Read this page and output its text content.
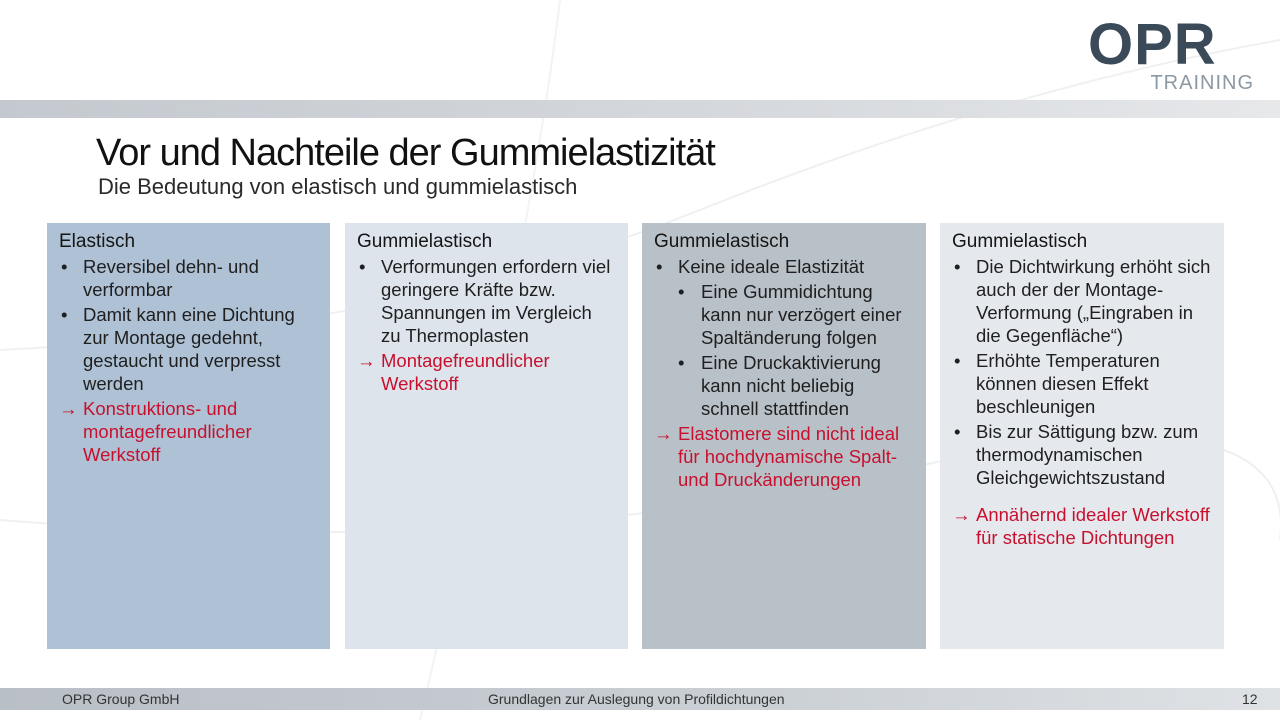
OPR
TRAINING
Vor und Nachteile der Gummielastizität
Die Bedeutung von elastisch und gummielastisch
Elastisch
• Reversibel dehn- und verformbar
• Damit kann eine Dichtung zur Montage gedehnt, gestaucht und verpresst werden
→ Konstruktions- und montagefreundlicher Werkstoff
Gummielastisch
• Verformungen erfordern viel geringere Kräfte bzw. Spannungen im Vergleich zu Thermoplasten
→ Montagefreundlicher Werkstoff
Gummielastisch
• Keine ideale Elastizität
• Eine Gummidichtung kann nur verzögert einer Spaltänderung folgen
• Eine Druckaktivierung kann nicht beliebig schnell stattfinden
→ Elastomere sind nicht ideal für hochdynamische Spalt- und Druckänderungen
Gummielastisch
• Die Dichtwirkung erhöht sich auch der der Montage-Verformung („Eingraben in die Gegenfläche“)
• Erhöhte Temperaturen können diesen Effekt beschleunigen
• Bis zur Sättigung bzw. zum thermodynamischen Gleichgewichtszustand
→ Annähernd idealer Werkstoff für statische Dichtungen
OPR Group GmbH	Grundlagen zur Auslegung von Profildichtungen	12
